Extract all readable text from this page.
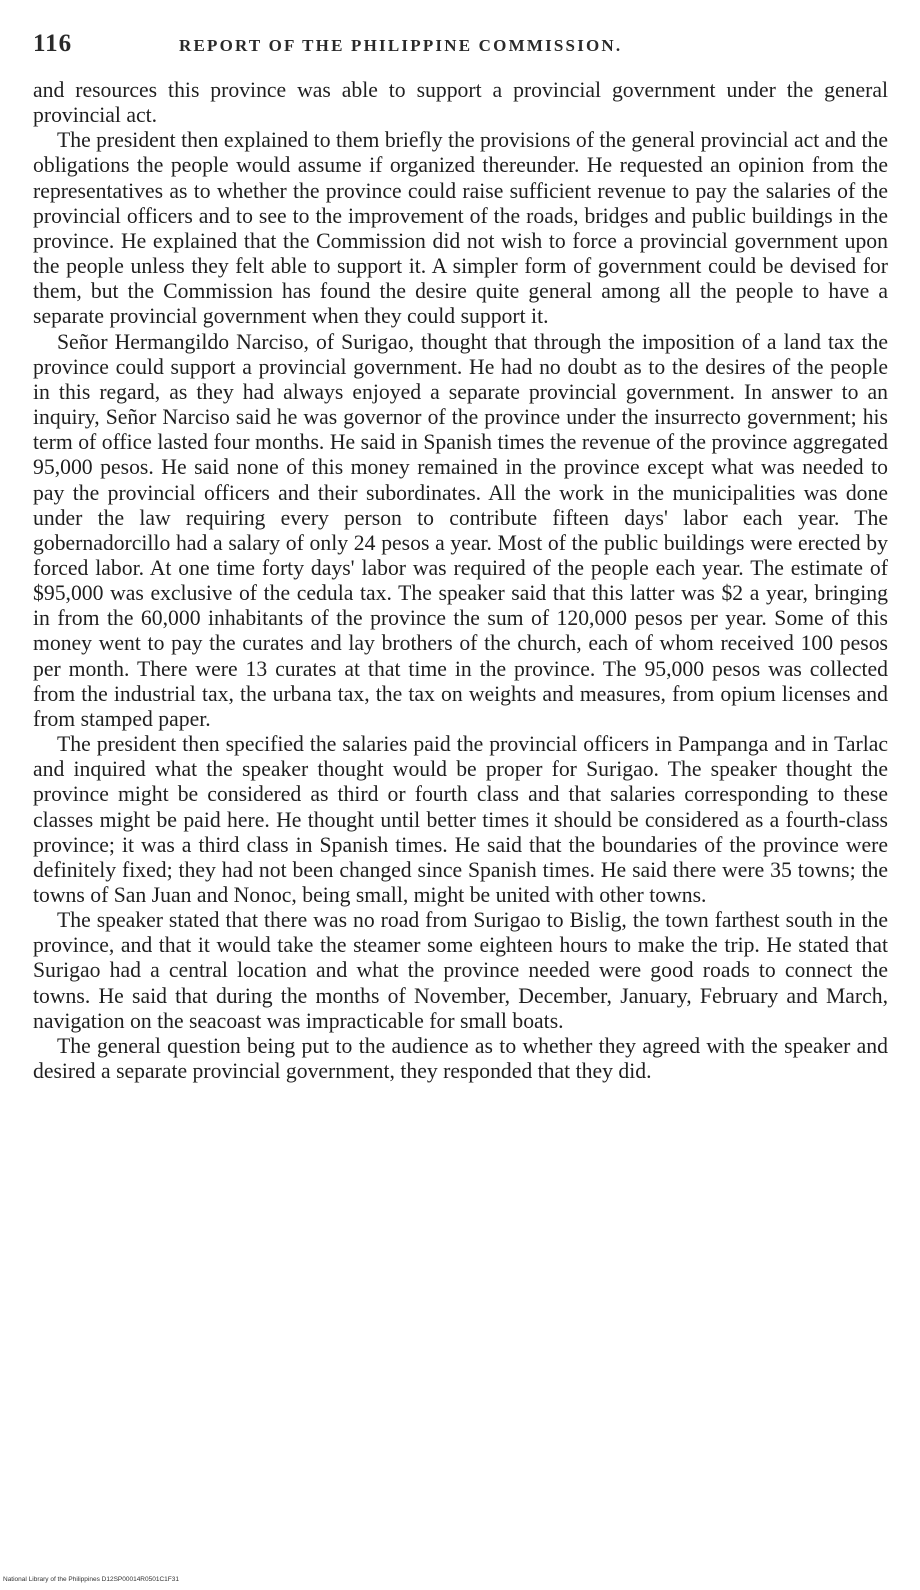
116	REPORT OF THE PHILIPPINE COMMISSION.

and resources this province was able to support a provincial government under the general provincial act.

The president then explained to them briefly the provisions of the general provincial act and the obligations the people would assume if organized thereunder. He requested an opinion from the representatives as to whether the province could raise sufficient revenue to pay the salaries of the provincial officers and to see to the improvement of the roads, bridges and public buildings in the province. He explained that the Commission did not wish to force a provincial government upon the people unless they felt able to support it. A simpler form of government could be devised for them, but the Commission has found the desire quite general among all the people to have a separate provincial government when they could support it.

Señor Hermangildo Narciso, of Surigao, thought that through the imposition of a land tax the province could support a provincial government. He had no doubt as to the desires of the people in this regard, as they had always enjoyed a separate provincial government. In answer to an inquiry, Señor Narciso said he was governor of the province under the insurrecto government; his term of office lasted four months. He said in Spanish times the revenue of the province aggregated 95,000 pesos. He said none of this money remained in the province except what was needed to pay the provincial officers and their subordinates. All the work in the municipalities was done under the law requiring every person to contribute fifteen days' labor each year. The gobernadorcillo had a salary of only 24 pesos a year. Most of the public buildings were erected by forced labor. At one time forty days' labor was required of the people each year. The estimate of $95,000 was exclusive of the cedula tax. The speaker said that this latter was $2 a year, bringing in from the 60,000 inhabitants of the province the sum of 120,000 pesos per year. Some of this money went to pay the curates and lay brothers of the church, each of whom received 100 pesos per month. There were 13 curates at that time in the province. The 95,000 pesos was collected from the industrial tax, the urbana tax, the tax on weights and measures, from opium licenses and from stamped paper.

The president then specified the salaries paid the provincial officers in Pampanga and in Tarlac and inquired what the speaker thought would be proper for Surigao. The speaker thought the province might be considered as third or fourth class and that salaries corresponding to these classes might be paid here. He thought until better times it should be considered as a fourth-class province; it was a third class in Spanish times. He said that the boundaries of the province were definitely fixed; they had not been changed since Spanish times. He said there were 35 towns; the towns of San Juan and Nonoc, being small, might be united with other towns.

The speaker stated that there was no road from Surigao to Bislig, the town farthest south in the province, and that it would take the steamer some eighteen hours to make the trip. He stated that Surigao had a central location and what the province needed were good roads to connect the towns. He said that during the months of November, December, January, February and March, navigation on the seacoast was impracticable for small boats.

The general question being put to the audience as to whether they agreed with the speaker and desired a separate provincial government, they responded that they did.

National Library of the Philippines D12SP00014R0501C1F31
